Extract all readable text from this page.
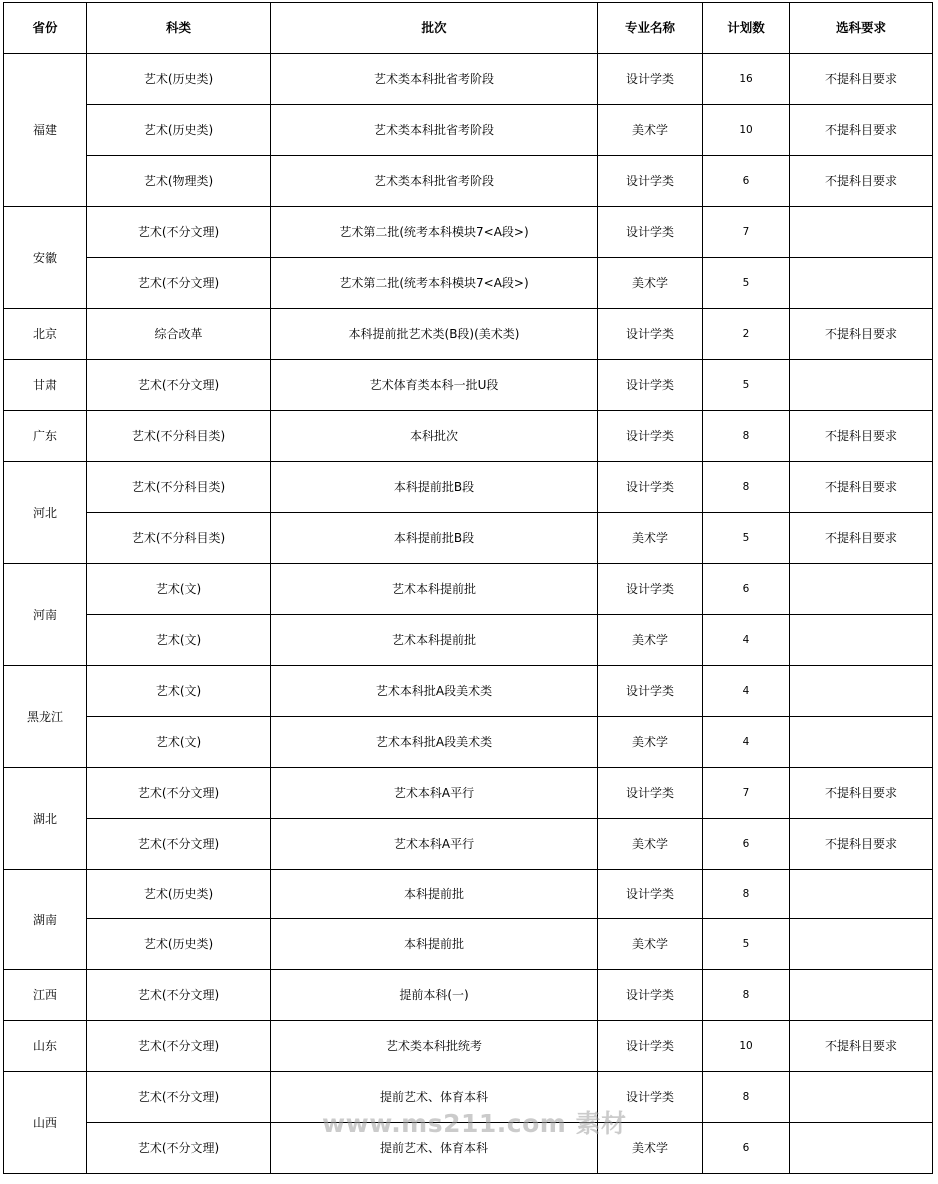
省份	科类	批次	专业名称	计划数	选科要求
福建	艺术(历史类)	艺术类本科批省考阶段	设计学类	16	不提科目要求
	艺术(历史类)	艺术类本科批省考阶段	美术学	10	不提科目要求
	艺术(物理类)	艺术类本科批省考阶段	设计学类	6	不提科目要求
安徽	艺术(不分文理)	艺术第二批(统考本科模块7<A段>)	设计学类	7	
	艺术(不分文理)	艺术第二批(统考本科模块7<A段>)	美术学	5	
北京	综合改革	本科提前批艺术类(B段)(美术类)	设计学类	2	不提科目要求
甘肃	艺术(不分文理)	艺术体育类本科一批U段	设计学类	5	
广东	艺术(不分科目类)	本科批次	设计学类	8	不提科目要求
河北	艺术(不分科目类)	本科提前批B段	设计学类	8	不提科目要求
	艺术(不分科目类)	本科提前批B段	美术学	5	不提科目要求
河南	艺术(文)	艺术本科提前批	设计学类	6	
	艺术(文)	艺术本科提前批	美术学	4	
黑龙江	艺术(文)	艺术本科批A段美术类	设计学类	4	
	艺术(文)	艺术本科批A段美术类	美术学	4	
湖北	艺术(不分文理)	艺术本科A平行	设计学类	7	不提科目要求
	艺术(不分文理)	艺术本科A平行	美术学	6	不提科目要求
湖南	艺术(历史类)	本科提前批	设计学类	8	
	艺术(历史类)	本科提前批	美术学	5	
江西	艺术(不分文理)	提前本科(一)	设计学类	8	
山东	艺术(不分文理)	艺术类本科批统考	设计学类	10	不提科目要求
山西	艺术(不分文理)	提前艺术、体育本科	设计学类	8	
	艺术(不分文理)	提前艺术、体育本科	美术学	6	
www.ms211.com 素材
